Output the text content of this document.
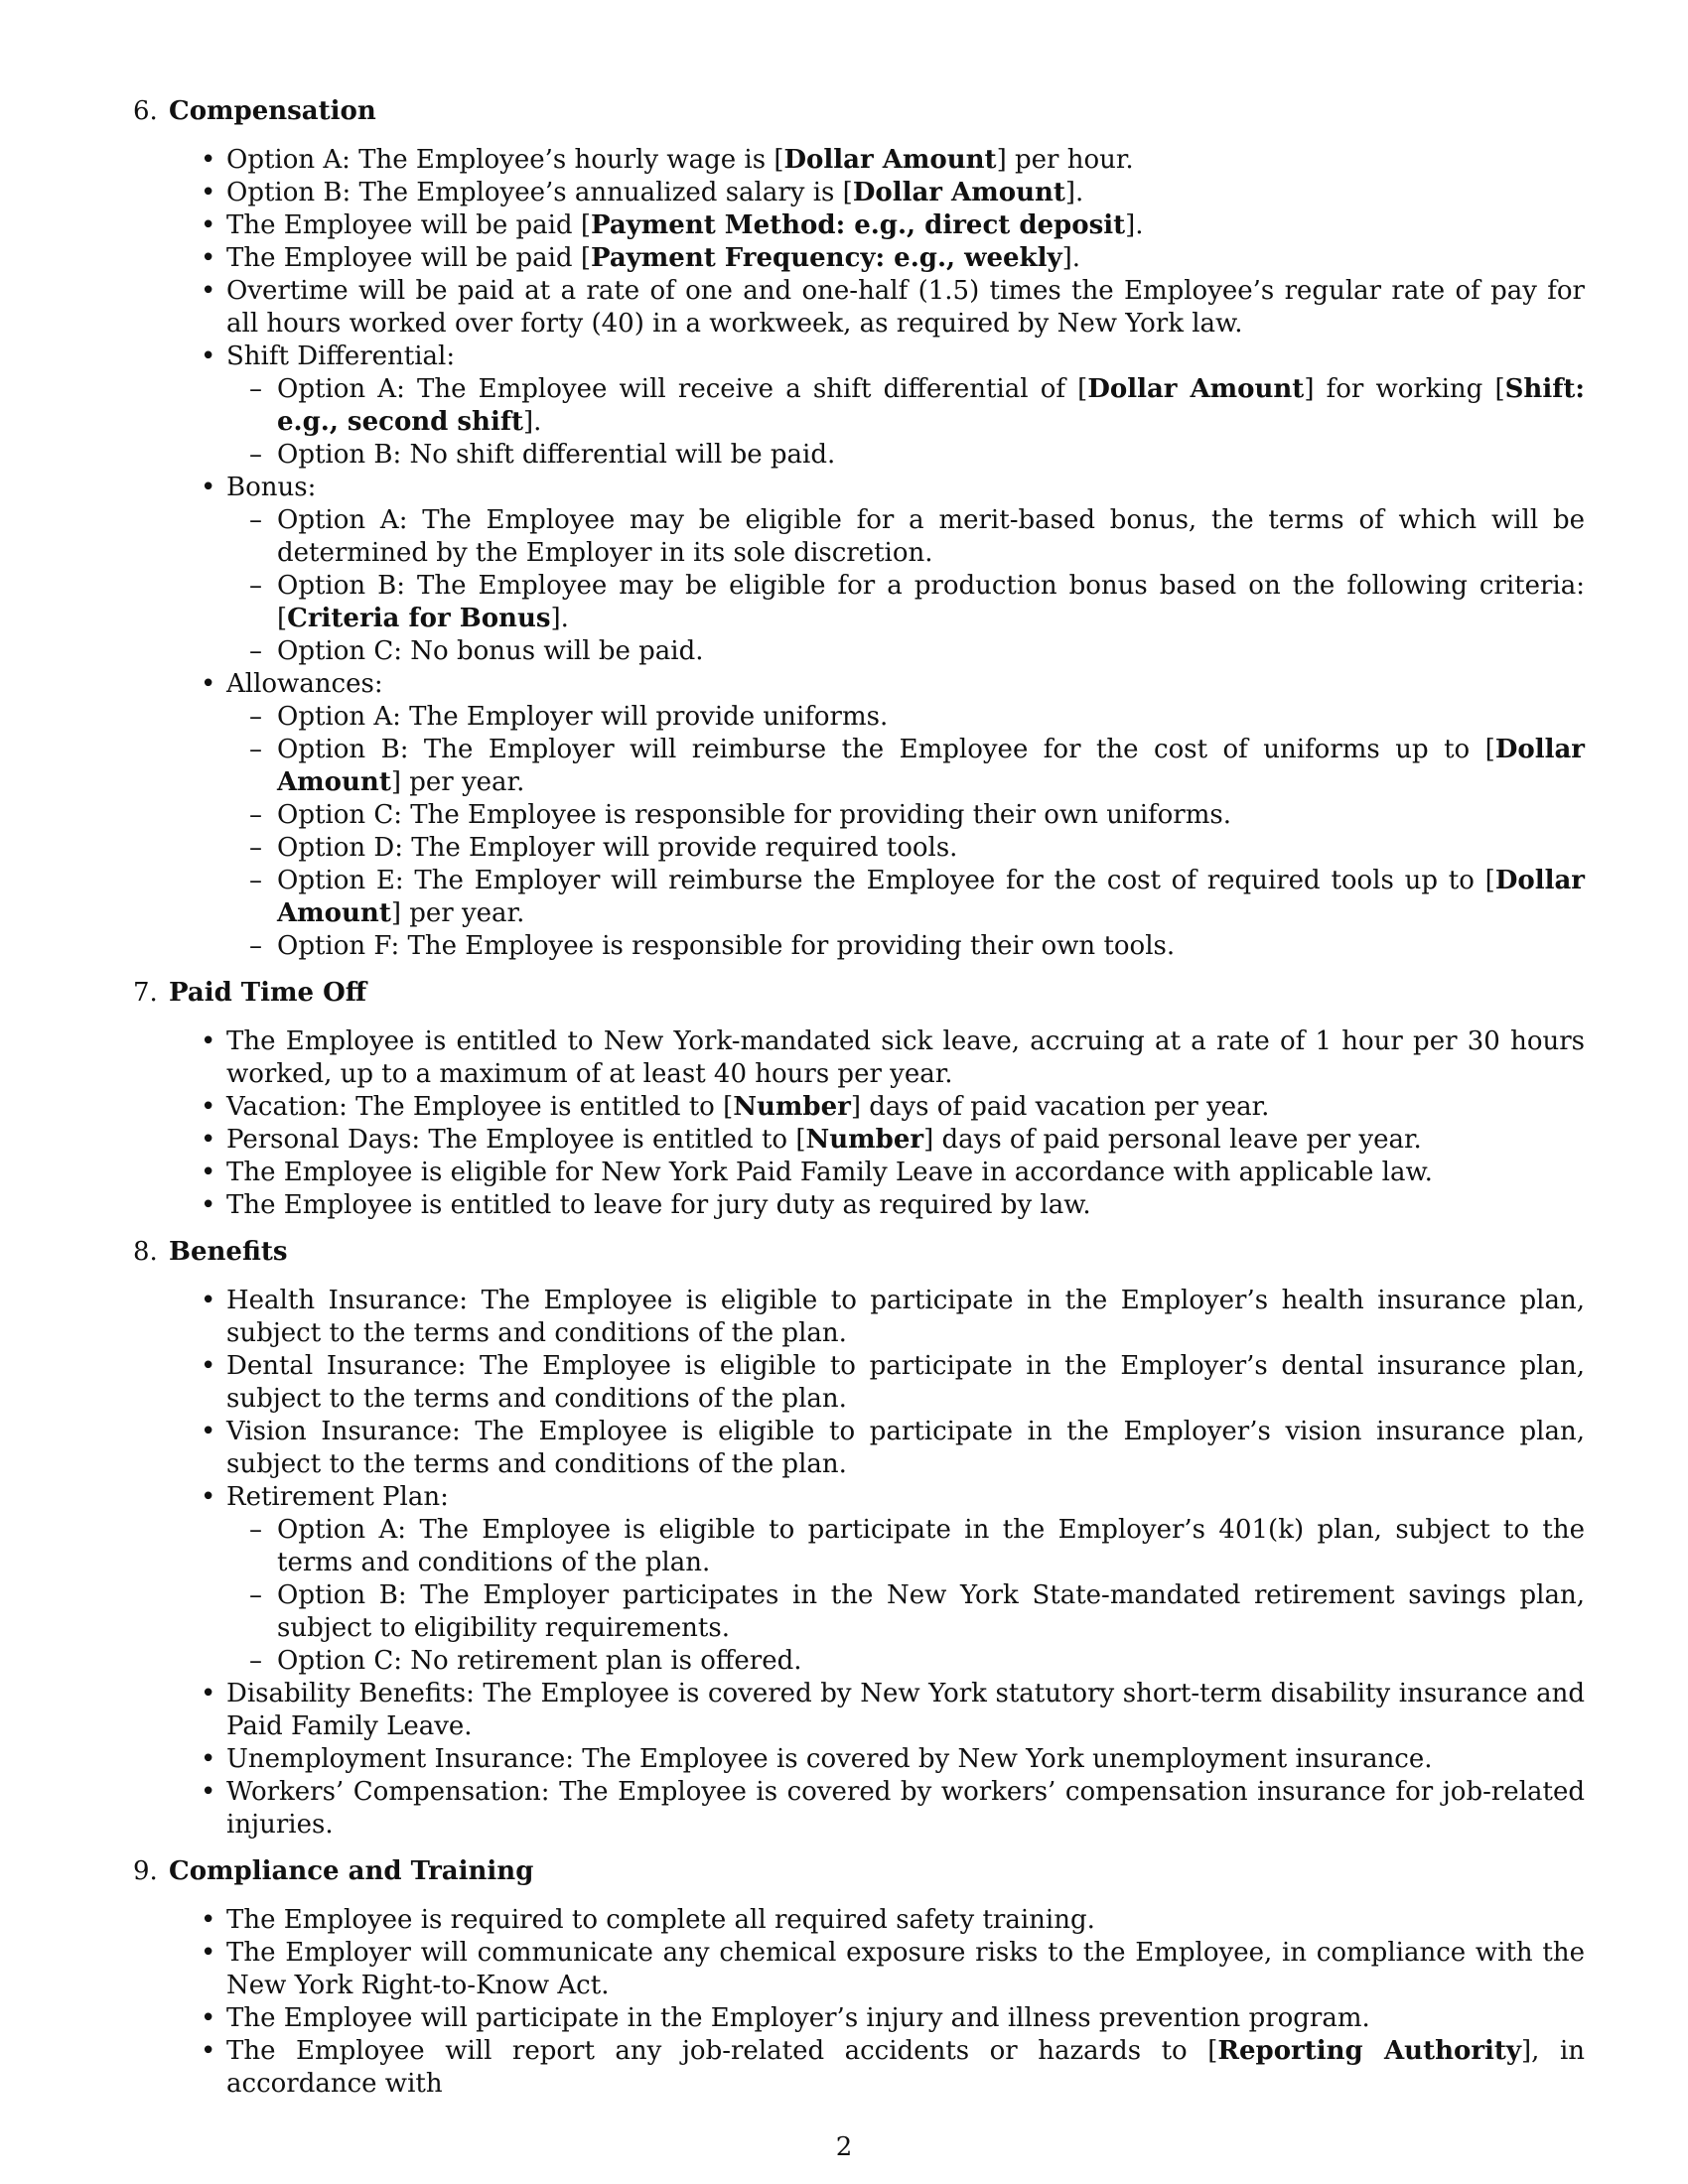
6. Compensation
• Option A: The Employee’s hourly wage is [Dollar Amount] per hour.
• Option B: The Employee’s annualized salary is [Dollar Amount].
• The Employee will be paid [Payment Method: e.g., direct deposit].
• The Employee will be paid [Payment Frequency: e.g., weekly].
• Overtime will be paid at a rate of one and one-half (1.5) times the Employee’s regular rate of pay for all hours worked over forty (40) in a workweek, as required by New York law.
• Shift Differential:
– Option A: The Employee will receive a shift differential of [Dollar Amount] for working [Shift: e.g., second shift].
– Option B: No shift differential will be paid.
• Bonus:
– Option A: The Employee may be eligible for a merit-based bonus, the terms of which will be determined by the Employer in its sole discretion.
– Option B: The Employee may be eligible for a production bonus based on the following criteria: [Criteria for Bonus].
– Option C: No bonus will be paid.
• Allowances:
– Option A: The Employer will provide uniforms.
– Option B: The Employer will reimburse the Employee for the cost of uniforms up to [Dollar Amount] per year.
– Option C: The Employee is responsible for providing their own uniforms.
– Option D: The Employer will provide required tools.
– Option E: The Employer will reimburse the Employee for the cost of required tools up to [Dollar Amount] per year.
– Option F: The Employee is responsible for providing their own tools.
7. Paid Time Off
• The Employee is entitled to New York-mandated sick leave, accruing at a rate of 1 hour per 30 hours worked, up to a maximum of at least 40 hours per year.
• Vacation: The Employee is entitled to [Number] days of paid vacation per year.
• Personal Days: The Employee is entitled to [Number] days of paid personal leave per year.
• The Employee is eligible for New York Paid Family Leave in accordance with applicable law.
• The Employee is entitled to leave for jury duty as required by law.
8. Benefits
• Health Insurance: The Employee is eligible to participate in the Employer’s health insurance plan, subject to the terms and conditions of the plan.
• Dental Insurance: The Employee is eligible to participate in the Employer’s dental insurance plan, subject to the terms and conditions of the plan.
• Vision Insurance: The Employee is eligible to participate in the Employer’s vision insurance plan, subject to the terms and conditions of the plan.
• Retirement Plan:
– Option A: The Employee is eligible to participate in the Employer’s 401(k) plan, subject to the terms and conditions of the plan.
– Option B: The Employer participates in the New York State-mandated retirement savings plan, subject to eligibility requirements.
– Option C: No retirement plan is offered.
• Disability Benefits: The Employee is covered by New York statutory short-term disability insurance and Paid Family Leave.
• Unemployment Insurance: The Employee is covered by New York unemployment insurance.
• Workers’ Compensation: The Employee is covered by workers’ compensation insurance for job-related injuries.
9. Compliance and Training
• The Employee is required to complete all required safety training.
• The Employer will communicate any chemical exposure risks to the Employee, in compliance with the New York Right-to-Know Act.
• The Employee will participate in the Employer’s injury and illness prevention program.
• The Employee will report any job-related accidents or hazards to [Reporting Authority], in accordance with
2
